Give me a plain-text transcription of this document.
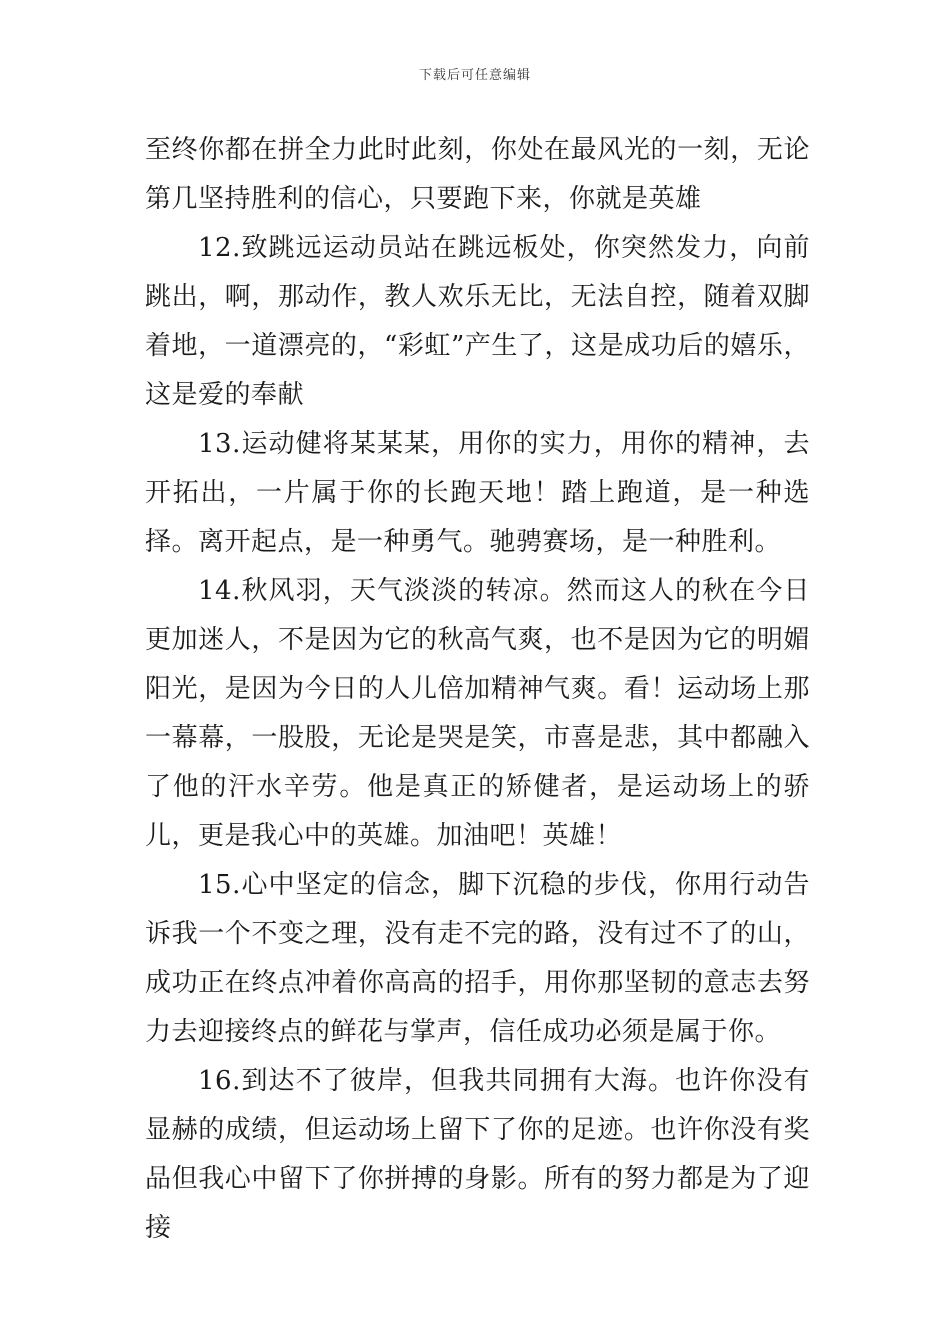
下载后可任意编辑

至终你都在拼全力此时此刻，你处在最风光的一刻，无论第几坚持胜利的信心，只要跑下来，你就是英雄

12.致跳远运动员站在跳远板处，你突然发力，向前跳出，啊，那动作，教人欢乐无比，无法自控，随着双脚着地，一道漂亮的，“彩虹”产生了，这是成功后的嬉乐，这是爱的奉献

13.运动健将某某某，用你的实力，用你的精神，去开拓出，一片属于你的长跑天地！踏上跑道，是一种选择。离开起点，是一种勇气。驰骋赛场，是一种胜利。

14.秋风羽，天气淡淡的转凉。然而这人的秋在今日更加迷人，不是因为它的秋高气爽，也不是因为它的明媚阳光，是因为今日的人儿倍加精神气爽。看！运动场上那一幕幕，一股股，无论是哭是笑，市喜是悲，其中都融入了他的汗水辛劳。他是真正的矫健者，是运动场上的骄儿，更是我心中的英雄。加油吧！英雄！

15.心中坚定的信念，脚下沉稳的步伐，你用行动告诉我一个不变之理，没有走不完的路，没有过不了的山，成功正在终点冲着你高高的招手，用你那坚韧的意志去努力去迎接终点的鲜花与掌声，信任成功必须是属于你。

16.到达不了彼岸，但我共同拥有大海。也许你没有显赫的成绩，但运动场上留下了你的足迹。也许你没有奖品但我心中留下了你拼搏的身影。所有的努力都是为了迎接
